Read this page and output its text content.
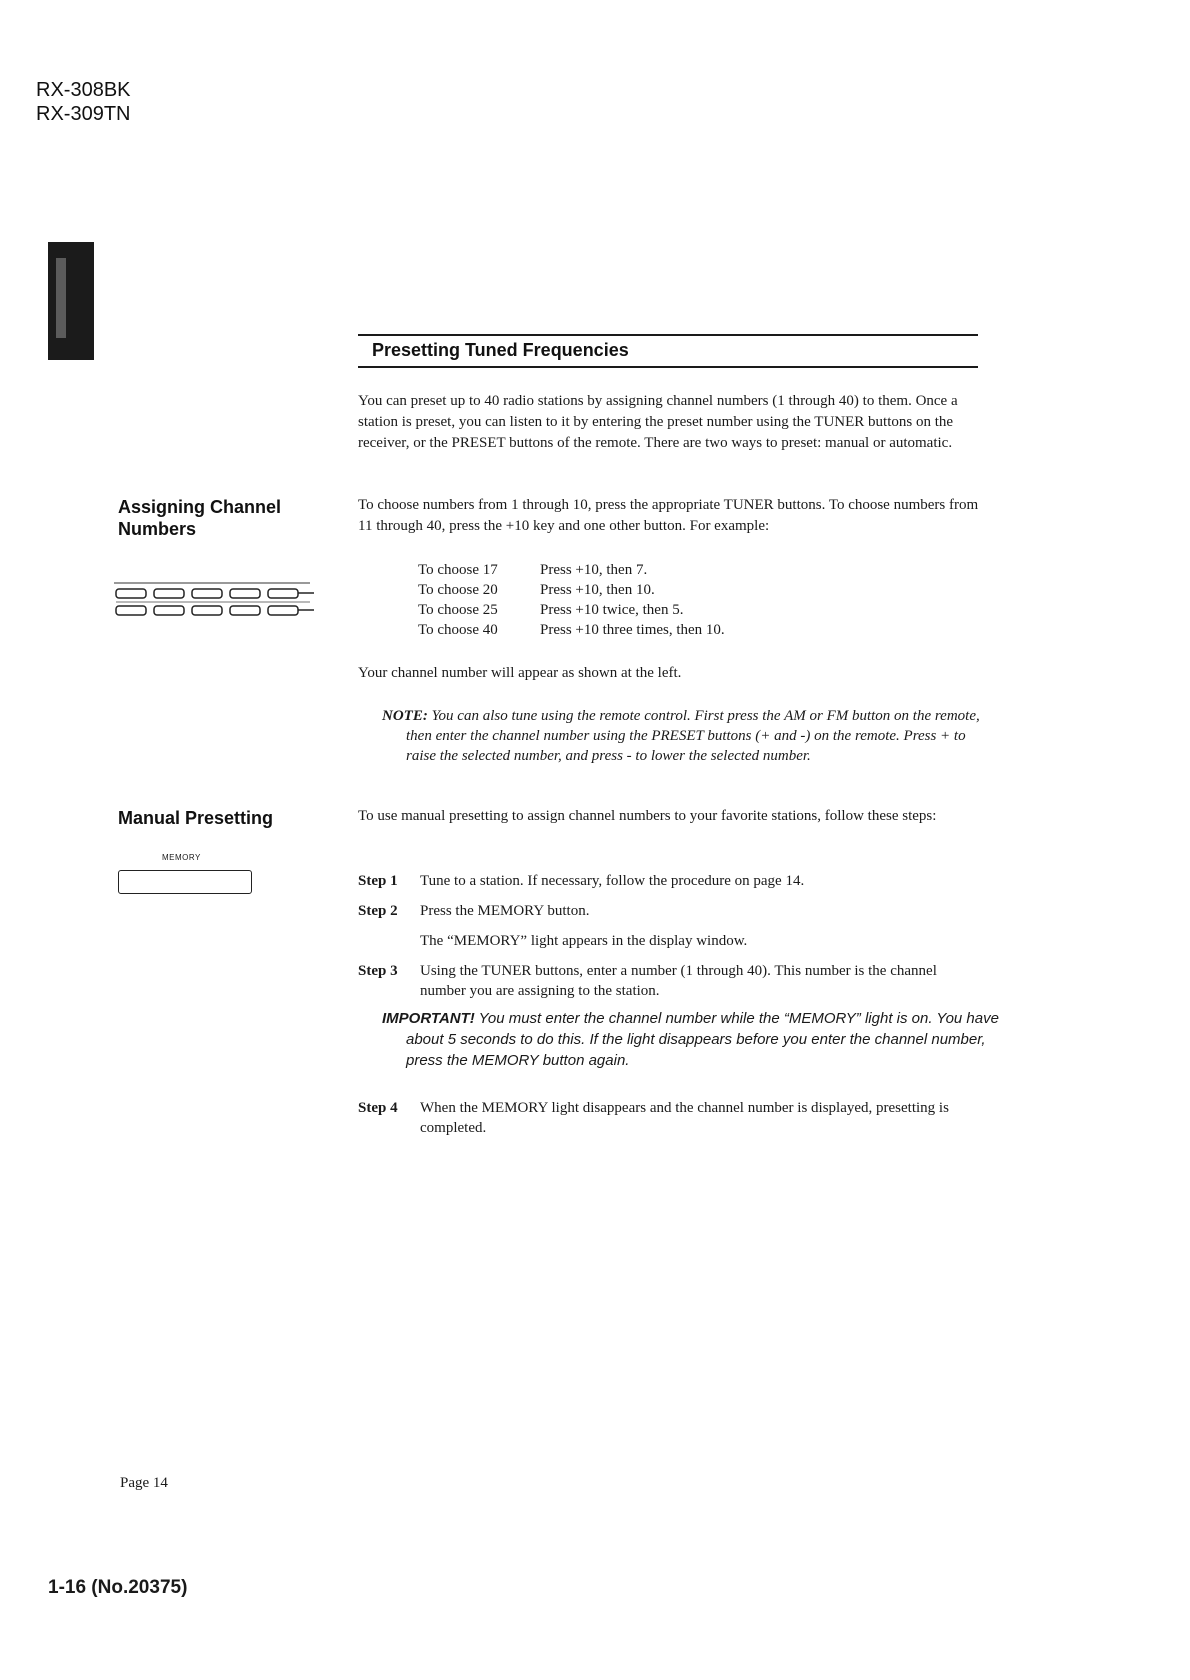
RX-308BK
RX-309TN
Presetting Tuned Frequencies
You can preset up to 40 radio stations by assigning channel numbers (1 through 40) to them. Once a station is preset, you can listen to it by entering the preset number using the TUNER buttons on the receiver, or the PRESET buttons of the remote. There are two ways to preset: manual or automatic.
Assigning Channel
Numbers
To choose numbers from 1 through 10, press the appropriate TUNER buttons. To choose numbers from 11 through 40, press the +10 key and one other button. For example:
To choose 17	Press +10, then 7.
To choose 20	Press +10, then 10.
To choose 25	Press +10 twice, then 5.
To choose 40	Press +10 three times, then 10.
Your channel number will appear as shown at the left.
NOTE: You can also tune using the remote control. First press the AM or FM button on the remote, then enter the channel number using the PRESET buttons (+ and -) on the remote. Press + to raise the selected number, and press - to lower the selected number.
Manual Presetting
MEMORY
To use manual presetting to assign channel numbers to your favorite stations, follow these steps:
Step 1 Tune to a station. If necessary, follow the procedure on page 14.
Step 2 Press the MEMORY button.
The “MEMORY” light appears in the display window.
Step 3 Using the TUNER buttons, enter a number (1 through 40). This number is the channel number you are assigning to the station.
IMPORTANT! You must enter the channel number while the “MEMORY” light is on. You have about 5 seconds to do this. If the light disappears before you enter the channel number, press the MEMORY button again.
Step 4 When the MEMORY light disappears and the channel number is displayed, presetting is completed.
Page 14
1-16 (No.20375)
